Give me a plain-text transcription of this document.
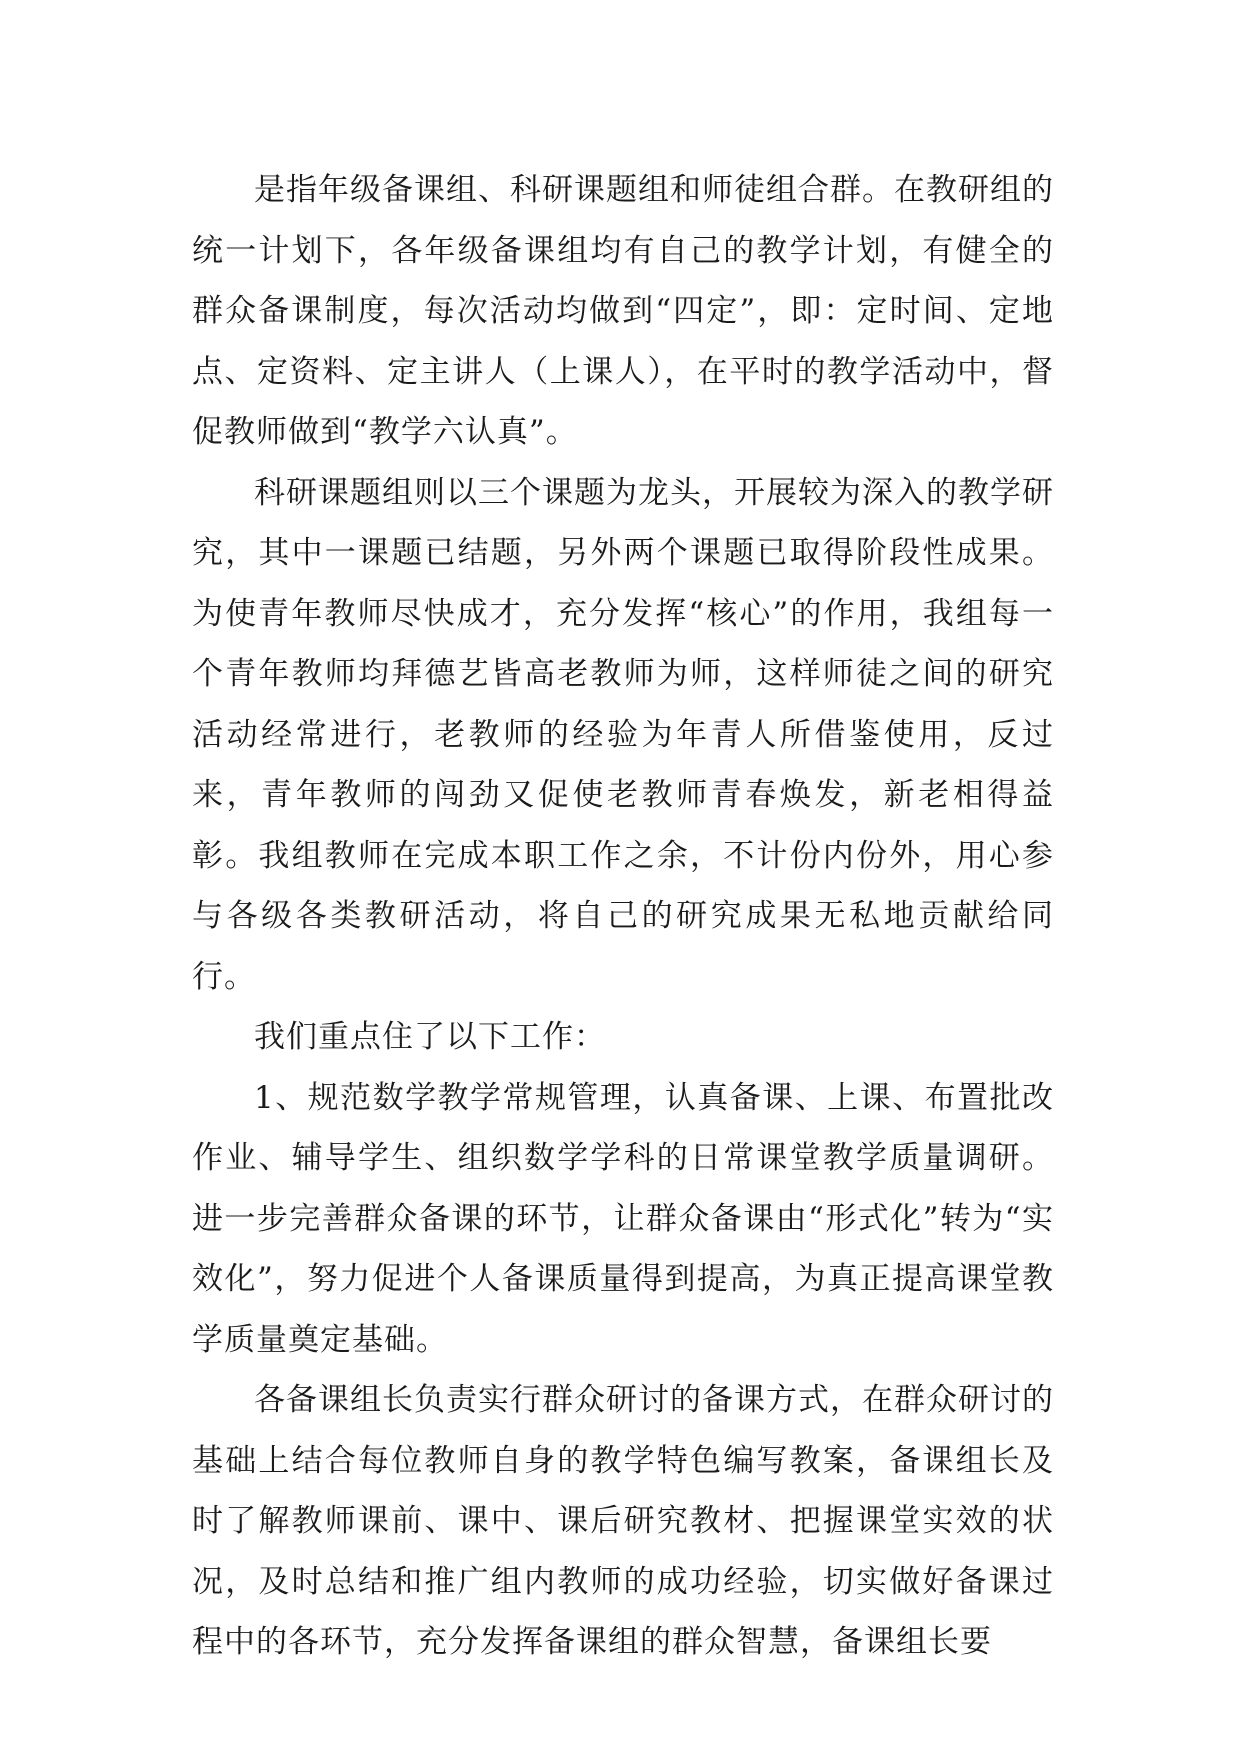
是指年级备课组、科研课题组和师徒组合群。在教研组的统一计划下，各年级备课组均有自己的教学计划，有健全的群众备课制度，每次活动均做到“四定”，即：定时间、定地点、定资料、定主讲人（上课人），在平时的教学活动中，督促教师做到“教学六认真”。

科研课题组则以三个课题为龙头，开展较为深入的教学研究，其中一课题已结题，另外两个课题已取得阶段性成果。为使青年教师尽快成才，充分发挥“核心”的作用，我组每一个青年教师均拜德艺皆高老教师为师，这样师徒之间的研究活动经常进行，老教师的经验为年青人所借鉴使用，反过来，青年教师的闯劲又促使老教师青春焕发，新老相得益彰。我组教师在完成本职工作之余，不计份内份外，用心参与各级各类教研活动，将自己的研究成果无私地贡献给同行。

我们重点住了以下工作：

1、规范数学教学常规管理，认真备课、上课、布置批改作业、辅导学生、组织数学学科的日常课堂教学质量调研。进一步完善群众备课的环节，让群众备课由“形式化”转为“实效化”，努力促进个人备课质量得到提高，为真正提高课堂教学质量奠定基础。

各备课组长负责实行群众研讨的备课方式，在群众研讨的基础上结合每位教师自身的教学特色编写教案，备课组长及时了解教师课前、课中、课后研究教材、把握课堂实效的状况，及时总结和推广组内教师的成功经验，切实做好备课过程中的各环节，充分发挥备课组的群众智慧，备课组长要
